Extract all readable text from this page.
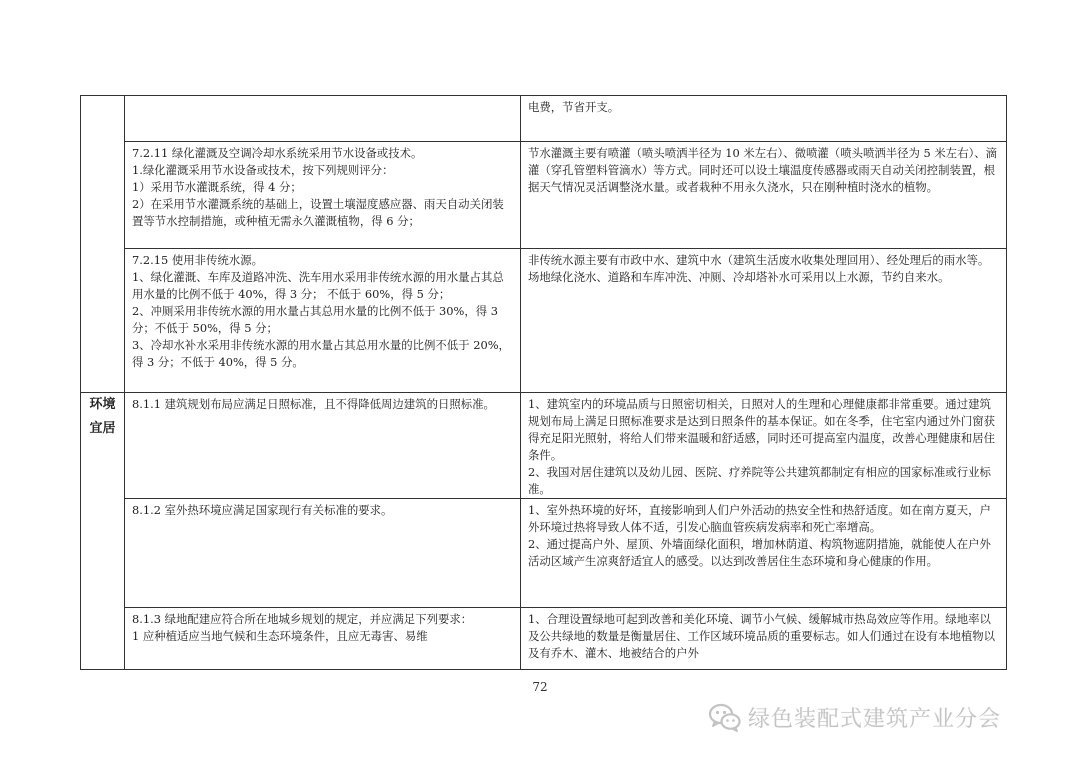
		电费，节省开支。

	7.2.11 绿化灌溉及空调冷却水系统采用节水设备或技术。
1.绿化灌溉采用节水设备或技术，按下列规则评分：
1）采用节水灌溉系统，得 4 分；
2）在采用节水灌溉系统的基础上，设置土壤湿度感应器、雨天自动关闭装置等节水控制措施，或种植无需永久灌溉植物，得 6 分；	节水灌溉主要有喷灌（喷头喷洒半径为 10 米左右）、微喷灌（喷头喷洒半径为 5 米左右）、滴灌（穿孔管塑料管滴水）等方式。同时还可以设土壤温度传感器或雨天自动关闭控制装置，根据天气情况灵活调整浇水量。或者栽种不用永久浇水，只在刚种植时浇水的植物。

	7.2.15 使用非传统水源。
1、绿化灌溉、车库及道路冲洗、洗车用水采用非传统水源的用水量占其总用水量的比例不低于 40%，得 3 分； 不低于 60%，得 5 分；
2、冲厕采用非传统水源的用水量占其总用水量的比例不低于 30%，得 3 分；不低于 50%，得 5 分；
3、冷却水补水采用非传统水源的用水量占其总用水量的比例不低于 20%，得 3 分；不低于 40%，得 5 分。	非传统水源主要有市政中水、建筑中水（建筑生活废水收集处理回用）、经处理后的雨水等。场地绿化浇水、道路和车库冲洗、冲厕、冷却塔补水可采用以上水源，节约自来水。

环境
宜居	8.1.1 建筑规划布局应满足日照标准，且不得降低周边建筑的日照标准。	1、建筑室内的环境品质与日照密切相关，日照对人的生理和心理健康都非常重要。通过建筑规划布局上满足日照标准要求是达到日照条件的基本保证。如在冬季，住宅室内通过外门窗获得充足阳光照射，将给人们带来温暖和舒适感，同时还可提高室内温度，改善心理健康和居住条件。
2、我国对居住建筑以及幼儿园、医院、疗养院等公共建筑都制定有相应的国家标准或行业标准。

	8.1.2 室外热环境应满足国家现行有关标准的要求。	1、室外热环境的好坏，直接影响到人们户外活动的热安全性和热舒适度。如在南方夏天，户外环境过热将导致人体不适，引发心脑血管疾病发病率和死亡率增高。
2、通过提高户外、屋顶、外墙面绿化面积，增加林荫道、构筑物遮阴措施，就能使人在户外活动区域产生凉爽舒适宜人的感受。以达到改善居住生态环境和身心健康的作用。

	8.1.3 绿地配建应符合所在地城乡规划的规定，并应满足下列要求：
1 应种植适应当地气候和生态环境条件，且应无毒害、易维	1、合理设置绿地可起到改善和美化环境、调节小气候、缓解城市热岛效应等作用。绿地率以及公共绿地的数量是衡量居住、工作区域环境品质的重要标志。如人们通过在设有本地植物以及有乔木、灌木、地被结合的户外
72
绿色装配式建筑产业分会
